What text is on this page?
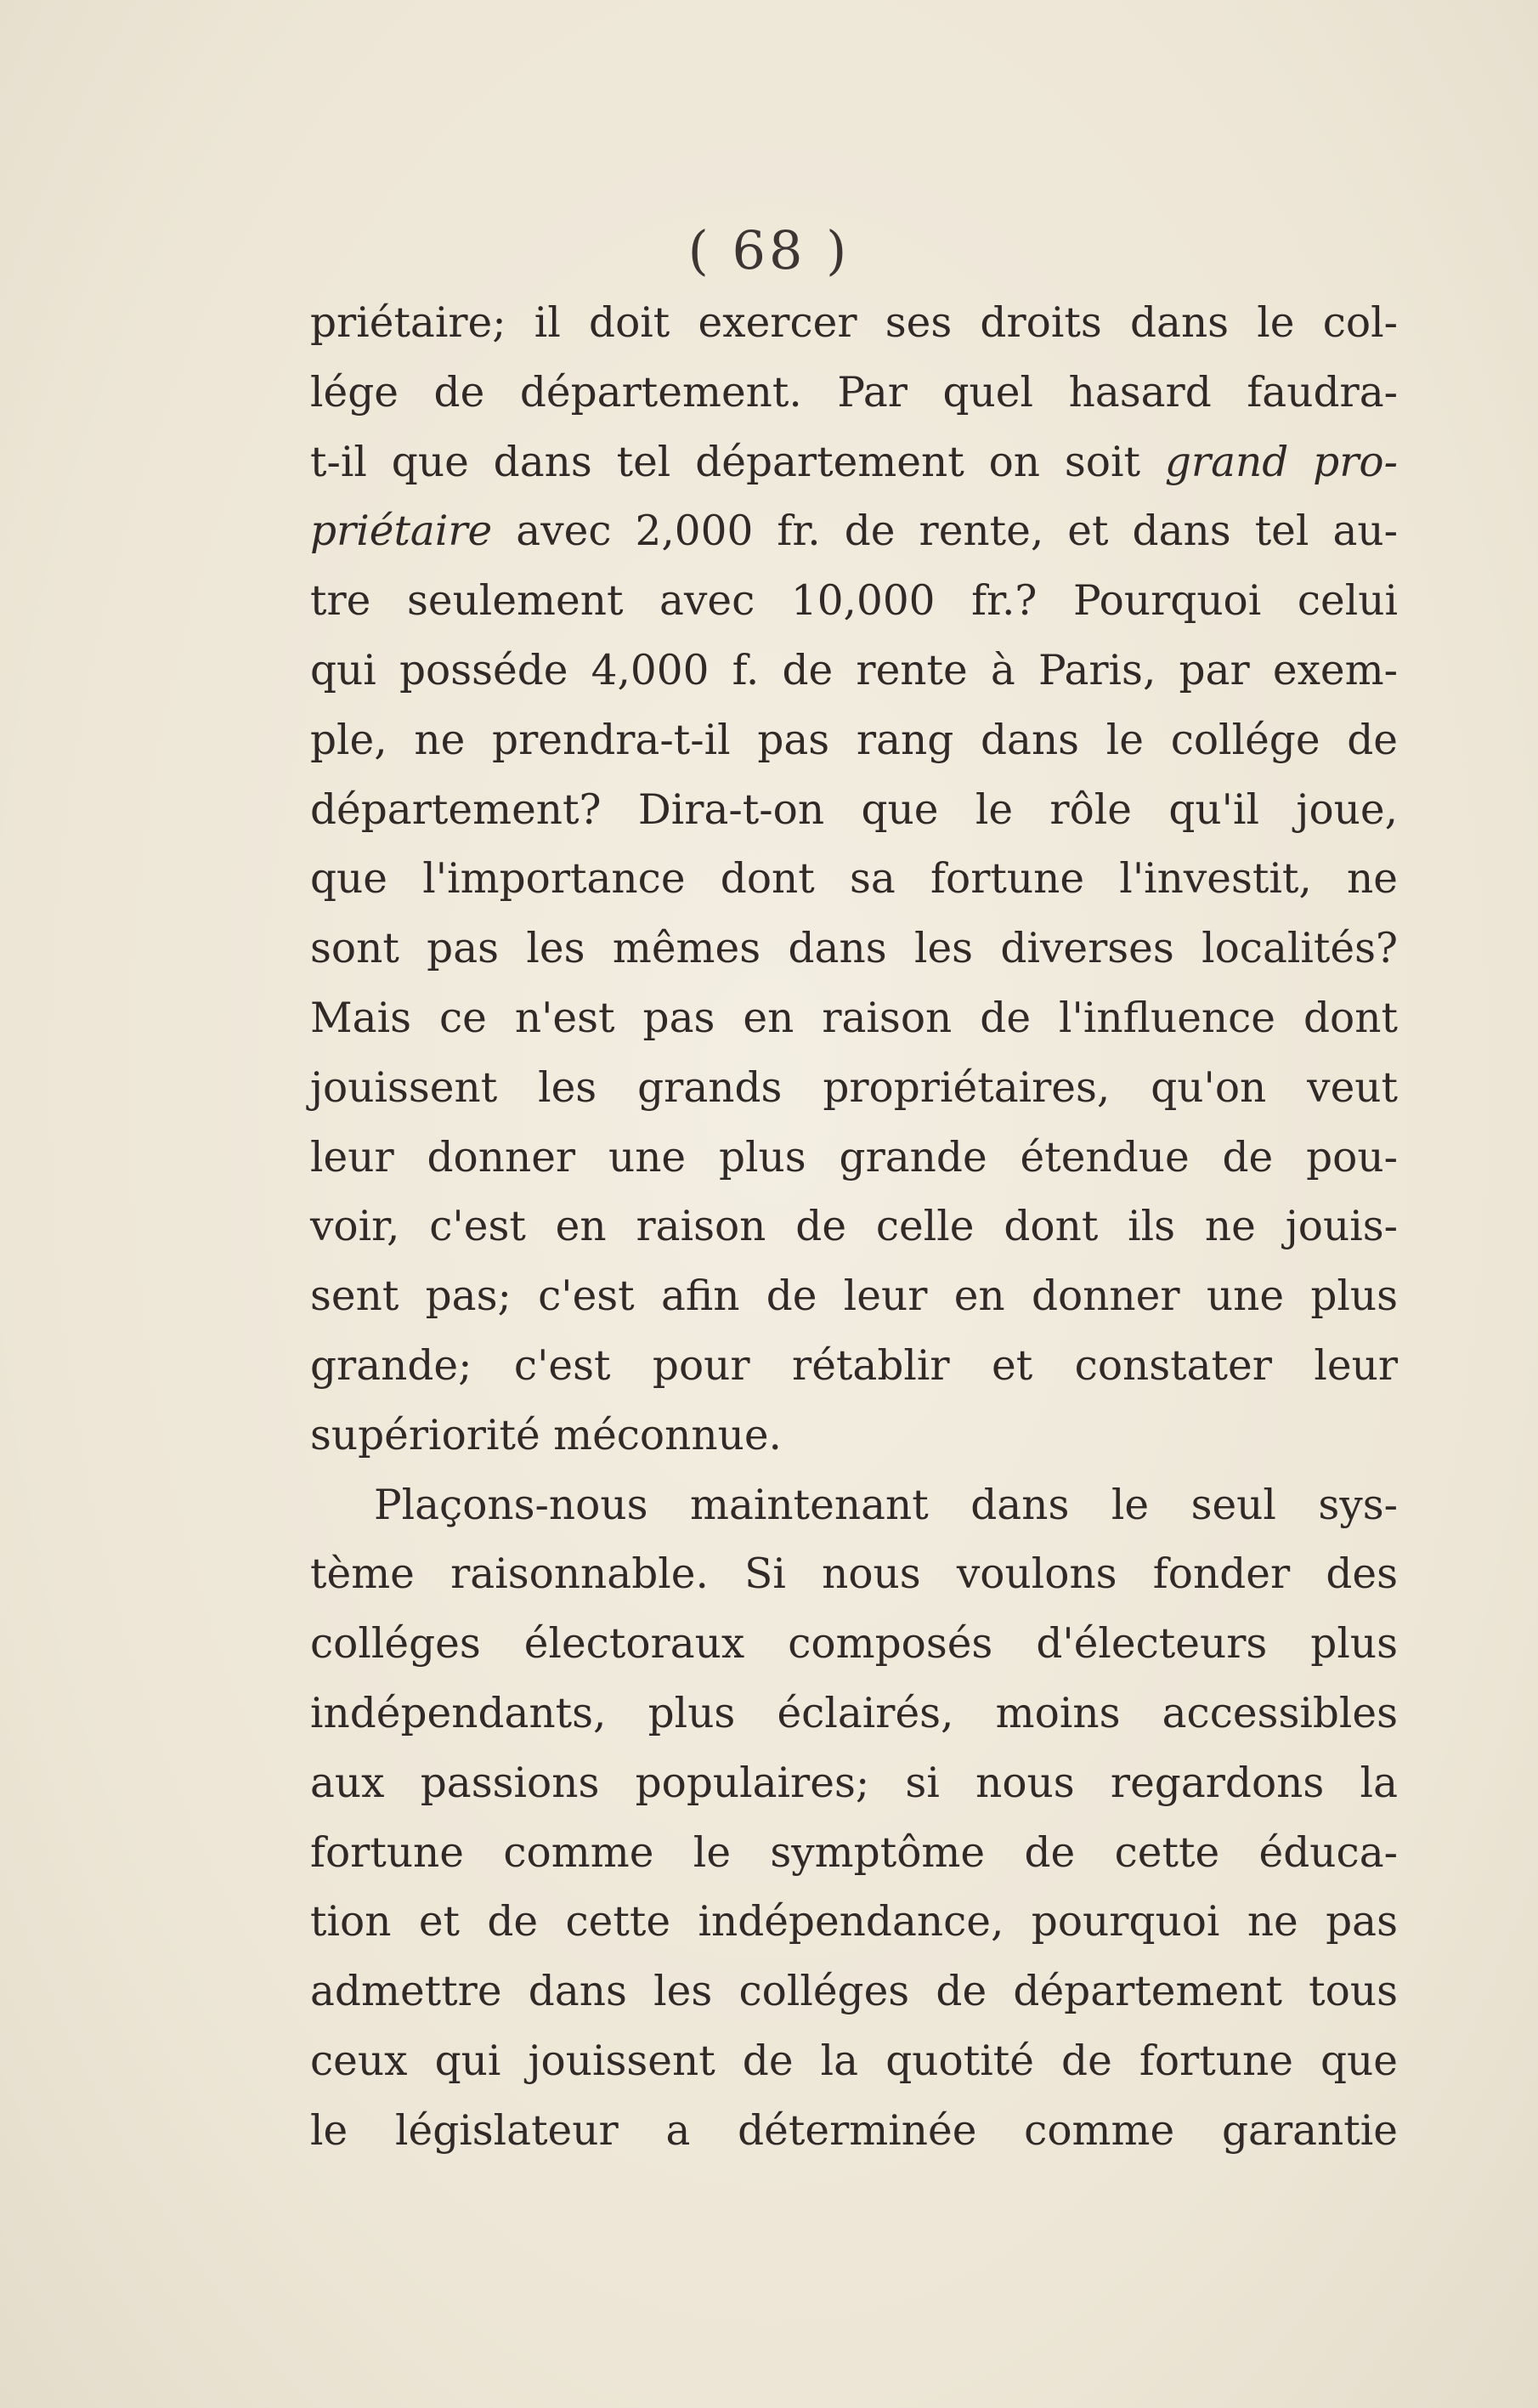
( 68 )
priétaire; il doit exercer ses droits dans le col-
lége de département. Par quel hasard faudra-
t-il que dans tel département on soit grand pro-
priétaire avec 2,000 fr. de rente, et dans tel au-
tre seulement avec 10,000 fr.? Pourquoi celui
qui posséde 4,000 f. de rente à Paris, par exem-
ple, ne prendra-t-il pas rang dans le collége de
département? Dira-t-on que le rôle qu'il joue,
que l'importance dont sa fortune l'investit, ne
sont pas les mêmes dans les diverses localités?
Mais ce n'est pas en raison de l'influence dont
jouissent les grands propriétaires, qu'on veut
leur donner une plus grande étendue de pou-
voir, c'est en raison de celle dont ils ne jouis-
sent pas; c'est afin de leur en donner une plus
grande; c'est pour rétablir et constater leur
supériorité méconnue.
Plaçons-nous maintenant dans le seul sys-
tème raisonnable. Si nous voulons fonder des
colléges électoraux composés d'électeurs plus
indépendants, plus éclairés, moins accessibles
aux passions populaires; si nous regardons la
fortune comme le symptôme de cette éduca-
tion et de cette indépendance, pourquoi ne pas
admettre dans les colléges de département tous
ceux qui jouissent de la quotité de fortune que
le législateur a déterminée comme garantie
